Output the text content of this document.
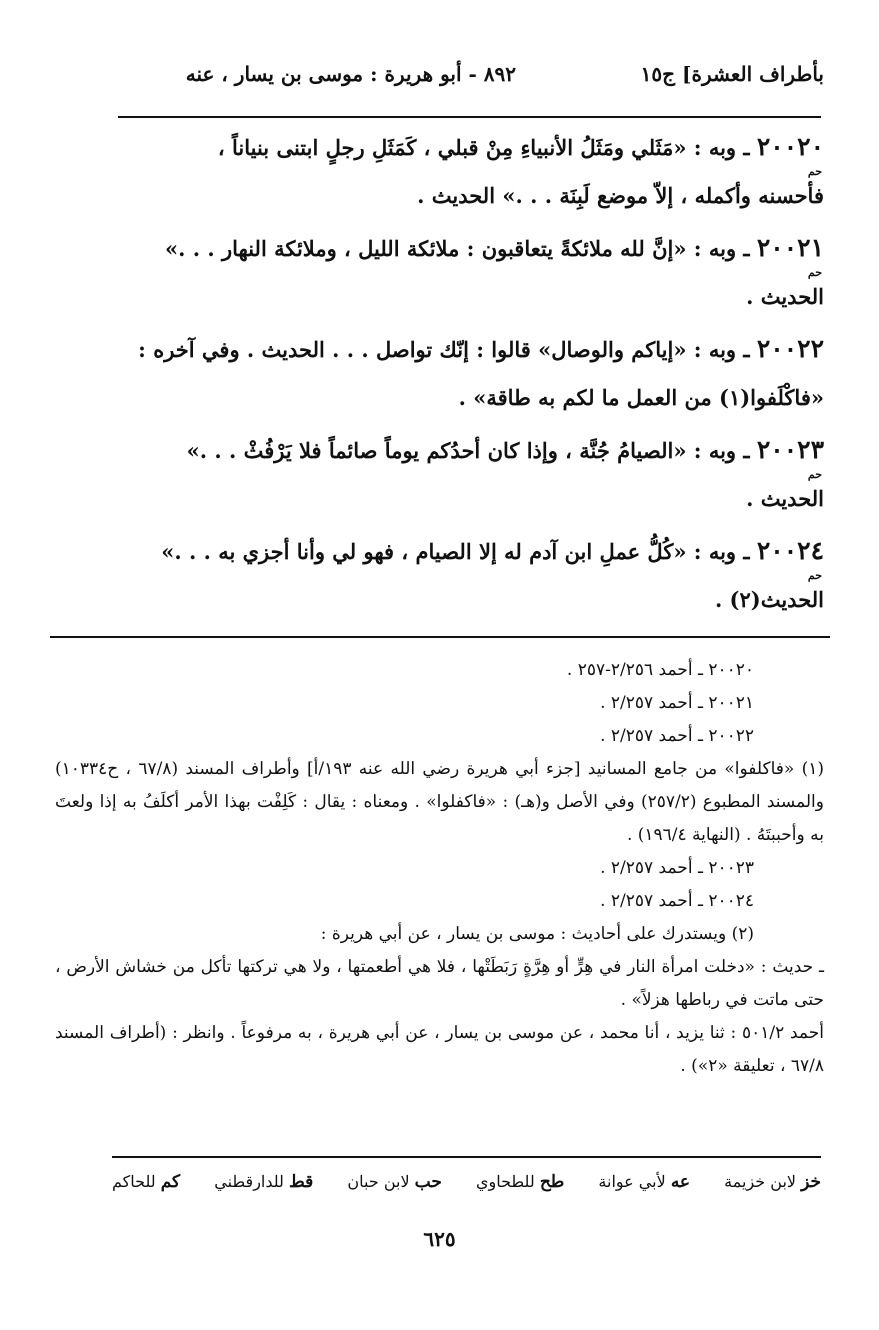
بأطراف العشرة] ج١٥
٨٩٢ - أبو هريرة : موسى بن يسار ، عنه
٢٠٠٢٠ ـ وبه : «مَثَلي ومَثَلُ الأنبياءِ مِنْ قبلي ، كَمَثَلِ رجلٍ ابتنى بنياناً ،
حم
فأحسنه وأكمله ، إلاّ موضع لَبِنَة . . .» الحديث .
٢٠٠٢١ ـ وبه : «إنَّ لله ملائكةً يتعاقبون : ملائكة الليل ، وملائكة النهار . . .»
حم
الحديث .
٢٠٠٢٢ ـ وبه : «إياكم والوصال» قالوا : إنّك تواصل . . . الحديث . وفي آخره :
«فاكْلَفوا(١) من العمل ما لكم به طاقة» .
٢٠٠٢٣ ـ وبه : «الصيامُ جُنَّة ، وإذا كان أحدُكم يوماً صائماً فلا يَرْفُثْ . . .»
حم
الحديث .
٢٠٠٢٤ ـ وبه : «كُلُّ عملِ ابن آدم له إلا الصيام ، فهو لي وأنا أجزي به . . .»
حم
الحديث(٢) .

٢٠٠٢٠ ـ أحمد ٢/٢٥٦-٢٥٧ .

٢٠٠٢١ ـ أحمد ٢/٢٥٧ .

٢٠٠٢٢ ـ أحمد ٢/٢٥٧ .

(١) «فاكلفوا» من جامع المسانيد [جزء أبي هريرة رضي الله عنه ١٩٣/أ] وأطراف المسند (٦٧/٨ ، ح١٠٣٣٤) والمسند المطبوع (٢٥٧/٢) وفي الأصل و(هـ) : «فاكفلوا» . ومعناه : يقال : كَلِفْت بهذا الأمر أكلَفُ به إذا ولعتَ به وأحببتَهُ . (النهاية ١٩٦/٤) .

٢٠٠٢٣ ـ أحمد ٢/٢٥٧ .

٢٠٠٢٤ ـ أحمد ٢/٢٥٧ .

(٢) ويستدرك على أحاديث : موسى بن يسار ، عن أبي هريرة :

ـ حديث : «دخلت امرأة النار في هِرٍّ أو هِرَّةٍ رَبَطَتْها ، فلا هي أطعمتها ، ولا هي تركتها تأكل من خشاش الأرض ، حتى ماتت في رباطها هزلاً» .

أحمد ٥٠١/٢ : ثنا يزيد ، أنا محمد ، عن موسى بن يسار ، عن أبي هريرة ، به مرفوعاً . وانظر : (أطراف المسند ٦٧/٨ ، تعليقة «٢») .

خز لابن خزيمة
عه لأبي عوانة
طح للطحاوي
حب لابن حبان
قط للدارقطني
كم للحاكم
٦٢٥
